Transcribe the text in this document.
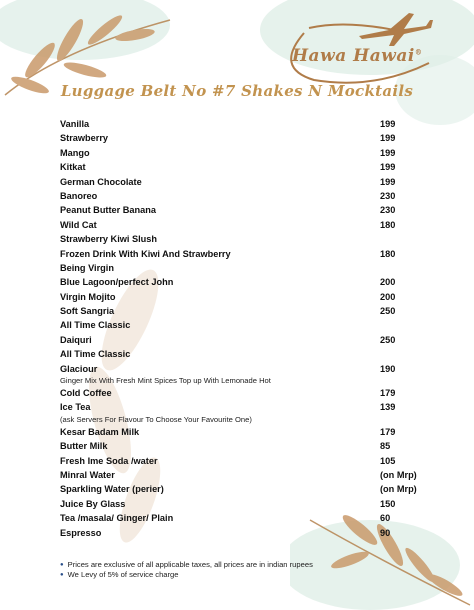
Hawa Hawai®
Luggage Belt No #7 Shakes N Mocktails
Vanilla	199
Strawberry	199
Mango	199
Kitkat	199
German Chocolate	199
Banoreo	230
Peanut Butter Banana	230
Wild Cat	180
Strawberry Kiwi Slush
Frozen Drink With Kiwi And Strawberry	180
Being Virgin
Blue Lagoon/perfect John	200
Virgin Mojito	200
Soft Sangria	250
All Time Classic
Daiquri	250
All Time Classic
Glaciour	190
Ginger Mix With Fresh Mint Spices Top up With Lemonade Hot
Cold Coffee	179
Ice Tea	139
(ask Servers For Flavour To Choose Your Favourite One)
Kesar Badam Milk	179
Butter Milk	85
Fresh Ime Soda /water	105
Minral Water	(on Mrp)
Sparkling Water (perier)	(on Mrp)
Juice By Glass	150
Tea /masala/ Ginger/ Plain	60
Espresso	90
● Prices are exclusive of all applicable taxes, all prices are in indian rupees
● We Levy of 5% of service charge
